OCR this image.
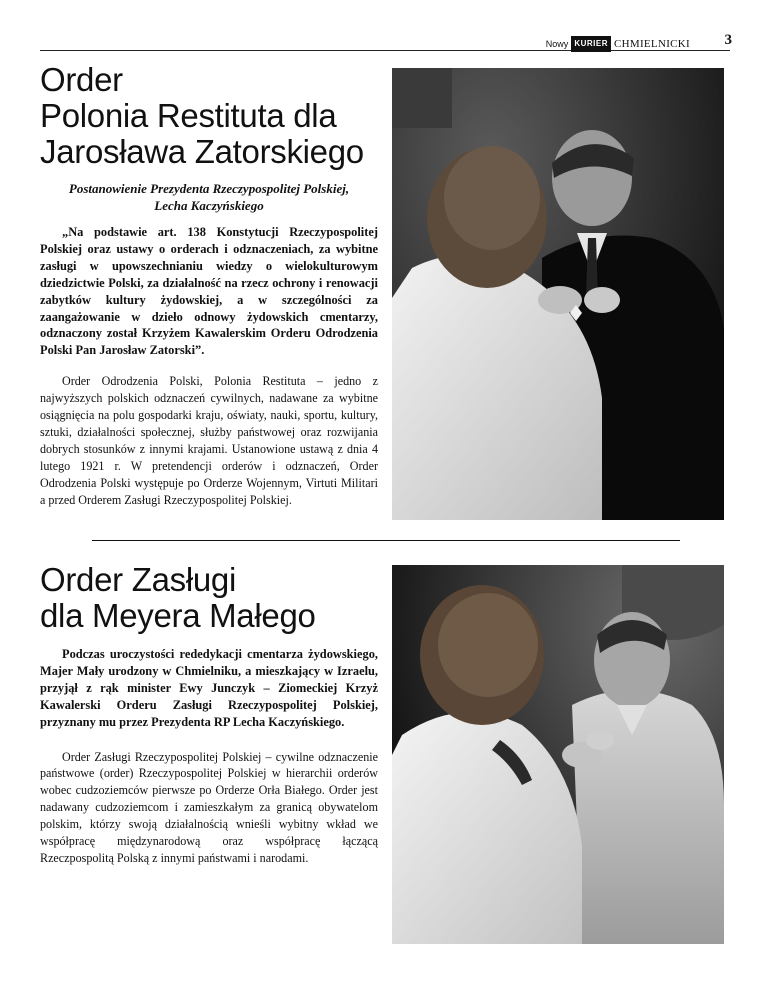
Nowy KURIER CHMIELNICKI 3
Order
Polonia Restituta dla
Jarosława Zatorskiego

Postanowienie Prezydenta Rzeczypospolitej Polskiej, Lecha Kaczyńskiego

„Na podstawie art. 138 Konstytucji Rzeczypospolitej Polskiej oraz ustawy o orderach i odznaczeniach, za wybitne zasługi w upowszechnianiu wiedzy o wielokulturowym dziedzictwie Polski, za działalność na rzecz ochrony i renowacji zabytków kultury żydowskiej, a w szczególności za zaangażowanie w dzieło odnowy żydowskich cmentarzy, odznaczony został Krzyżem Kawalerskim Orderu Odrodzenia Polski Pan Jarosław Zatorski”.

Order Odrodzenia Polski, Polonia Restituta – jedno z najwyższych polskich odznaczeń cywilnych, nadawane za wybitne osiągnięcia na polu gospodarki kraju, oświaty, nauki, sportu, kultury, sztuki, działalności społecznej, służby państwowej oraz rozwijania dobrych stosunków z innymi krajami. Ustanowione ustawą z dnia 4 lutego 1921 r. W pretendencji orderów i odznaczeń, Order Odrodzenia Polski występuje po Orderze Wojennym, Virtuti Militari a przed Orderem Zasługi Rzeczypospolitej Polskiej.

Order Zasługi
dla Meyera Małego

Podczas uroczystości rededykacji cmentarza żydowskiego, Majer Mały urodzony w Chmielniku, a mieszkający w Izraelu, przyjął z rąk minister Ewy Junczyk – Ziomeckiej Krzyż Kawalerski Orderu Zasługi Rzeczypospolitej Polskiej, przyznany mu przez Prezydenta RP Lecha Kaczyńskiego.

Order Zasługi Rzeczypospolitej Polskiej – cywilne odznaczenie państwowe (order) Rzeczypospolitej Polskiej w hierarchii orderów wobec cudzoziemców pierwsze po Orderze Orła Białego. Order jest nadawany cudzoziemcom i zamieszkałym za granicą obywatelom polskim, którzy swoją działalnością wnieśli wybitny wkład we współpracę międzynarodową oraz współpracę łączącą Rzeczpospolitą Polską z innymi państwami i narodami.
